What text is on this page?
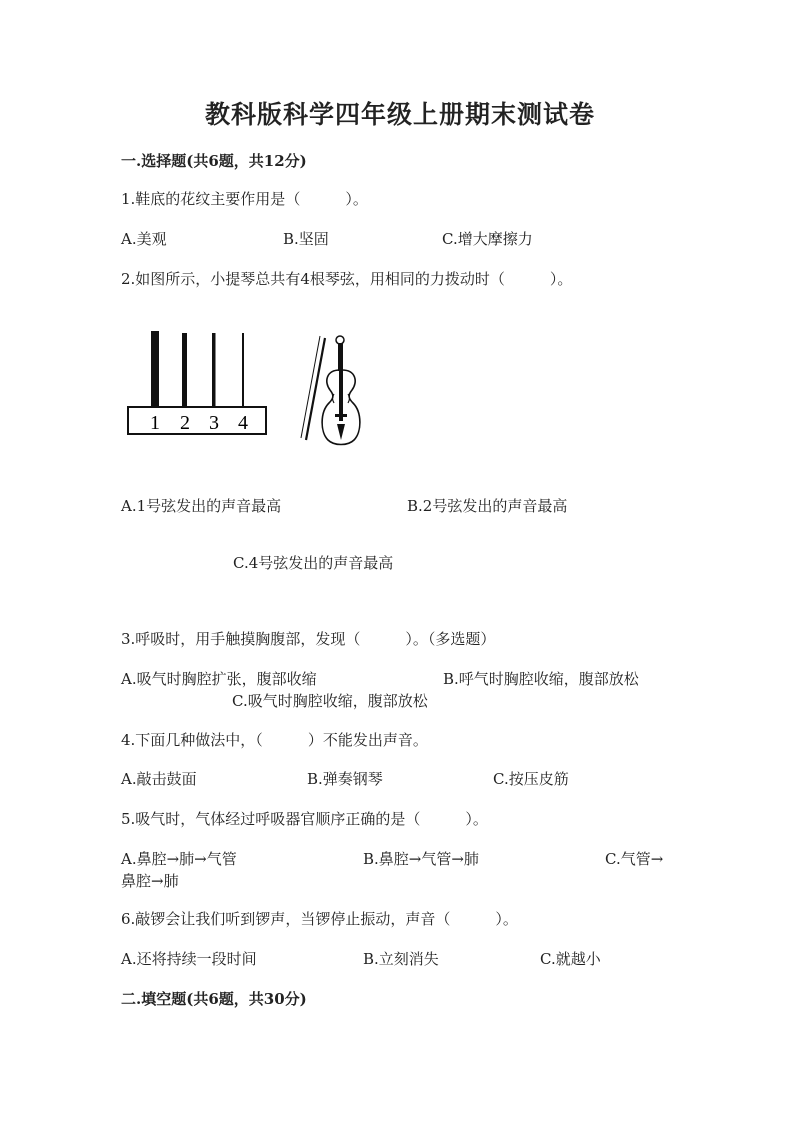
教科版科学四年级上册期末测试卷
一.选择题(共6题，共12分)
1.鞋底的花纹主要作用是（　　　）。
A.美观	B.坚固	C.增大摩擦力
2.如图所示，小提琴总共有4根琴弦，用相同的力拨动时（　　　）。
1 2 3 4
A.1号弦发出的声音最高	B.2号弦发出的声音最高
C.4号弦发出的声音最高
3.呼吸时，用手触摸胸腹部，发现（　　　）。（多选题）
A.吸气时胸腔扩张，腹部收缩	B.呼气时胸腔收缩，腹部放松
C.吸气时胸腔收缩，腹部放松
4.下面几种做法中，（　　　）不能发出声音。
A.敲击鼓面	B.弹奏钢琴	C.按压皮筋
5.吸气时，气体经过呼吸器官顺序正确的是（　　　）。
A.鼻腔→肺→气管	B.鼻腔→气管→肺	C.气管→
鼻腔→肺
6.敲锣会让我们听到锣声，当锣停止振动，声音（　　　）。
A.还将持续一段时间	B.立刻消失	C.就越小
二.填空题(共6题，共30分)
